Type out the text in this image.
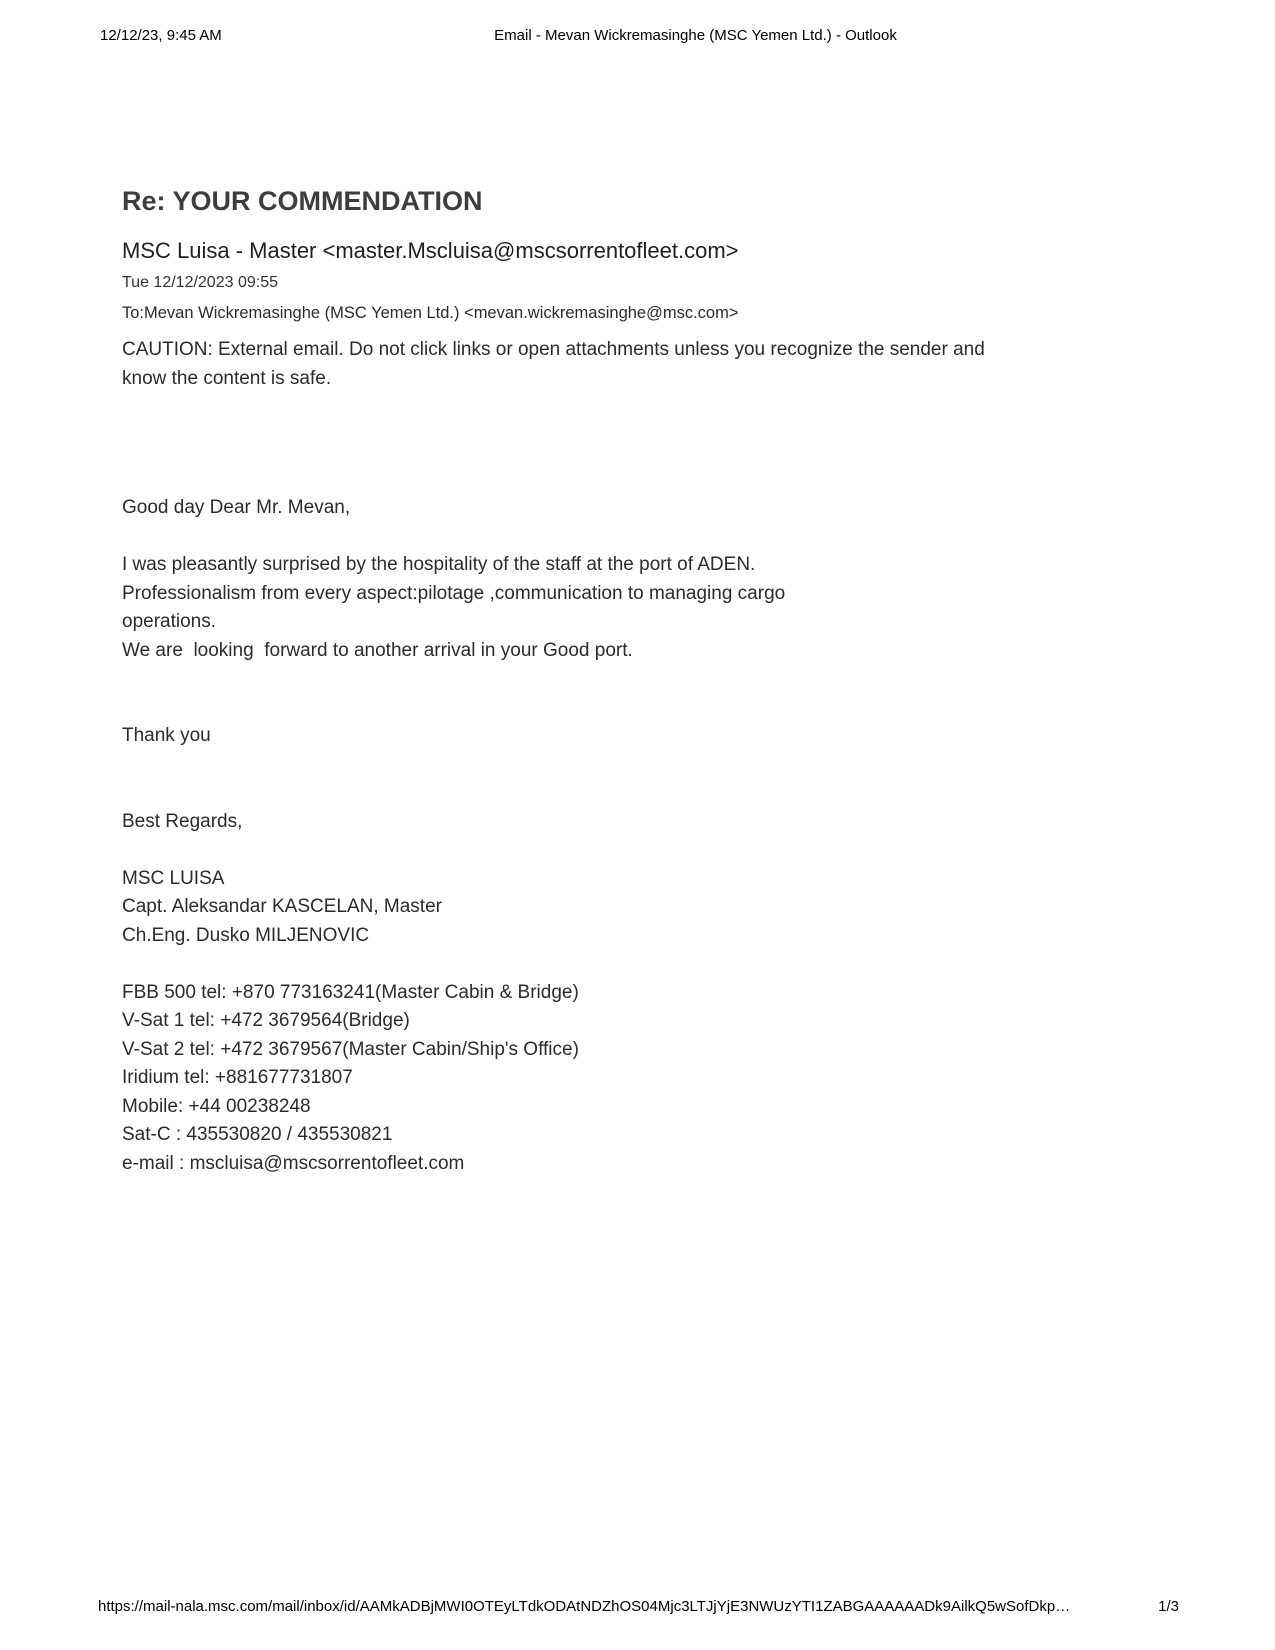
12/12/23, 9:45 AM	Email - Mevan Wickremasinghe (MSC Yemen Ltd.) - Outlook
Re: YOUR COMMENDATION
MSC Luisa - Master <master.Mscluisa@mscsorrentofleet.com>
Tue 12/12/2023 09:55
To:Mevan Wickremasinghe (MSC Yemen Ltd.) <mevan.wickremasinghe@msc.com>
CAUTION: External email. Do not click links or open attachments unless you recognize the sender and
know the content is safe.
Good day Dear Mr. Mevan,
I was pleasantly surprised by the hospitality of the staff at the port of ADEN.
Professionalism from every aspect:pilotage ,communication to managing cargo
operations.
We are  looking  forward to another arrival in your Good port.
Thank you
Best Regards,
MSC LUISA
Capt. Aleksandar KASCELAN, Master
Ch.Eng. Dusko MILJENOVIC
FBB 500 tel: +870 773163241(Master Cabin & Bridge)
V-Sat 1 tel: +472 3679564(Bridge)
V-Sat 2 tel: +472 3679567(Master Cabin/Ship's Office)
Iridium tel: +881677731807
Mobile: +44 00238248
Sat-C : 435530820 / 435530821
e-mail : mscluisa@mscsorrentofleet.com
https://mail-nala.msc.com/mail/inbox/id/AAMkADBjMWI0OTEyLTdkODAtNDZhOS04Mjc3LTJjYjE3NWUzYTI1ZABGAAAAAADk9AilkQ5wSofDkp…	1/3
